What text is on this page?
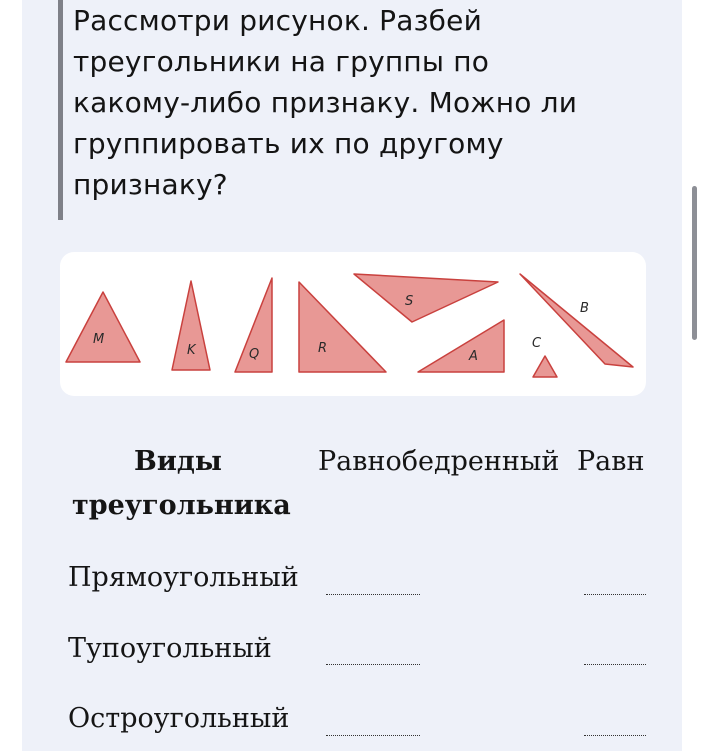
Рассмотри рисунок. Разбей
треугольники на группы по
какому-либо признаку. Можно ли
группировать их по другому
признаку?
M
K	Q	R
S
A
C
B
Виды
треугольника
Равнобедренный Равн
Прямоугольный
Тупоугольный
Остроугольный
